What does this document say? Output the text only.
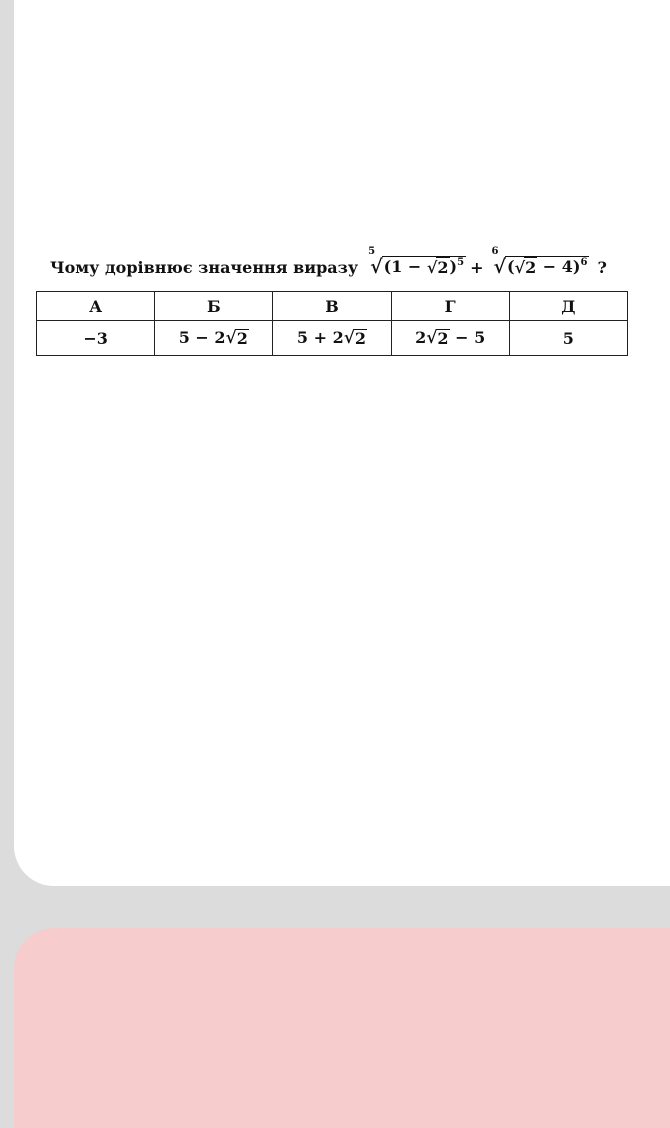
Чому дорівнює значення виразу
5
√ (1 − √ 2 )$^5$ +
6
√ ( √ 2 − 4)$^6$ ?
А	Б	В	Г	Д
−3	5 − 2 √ 2	5 + 2 √ 2	2 √ 2 − 5	5
